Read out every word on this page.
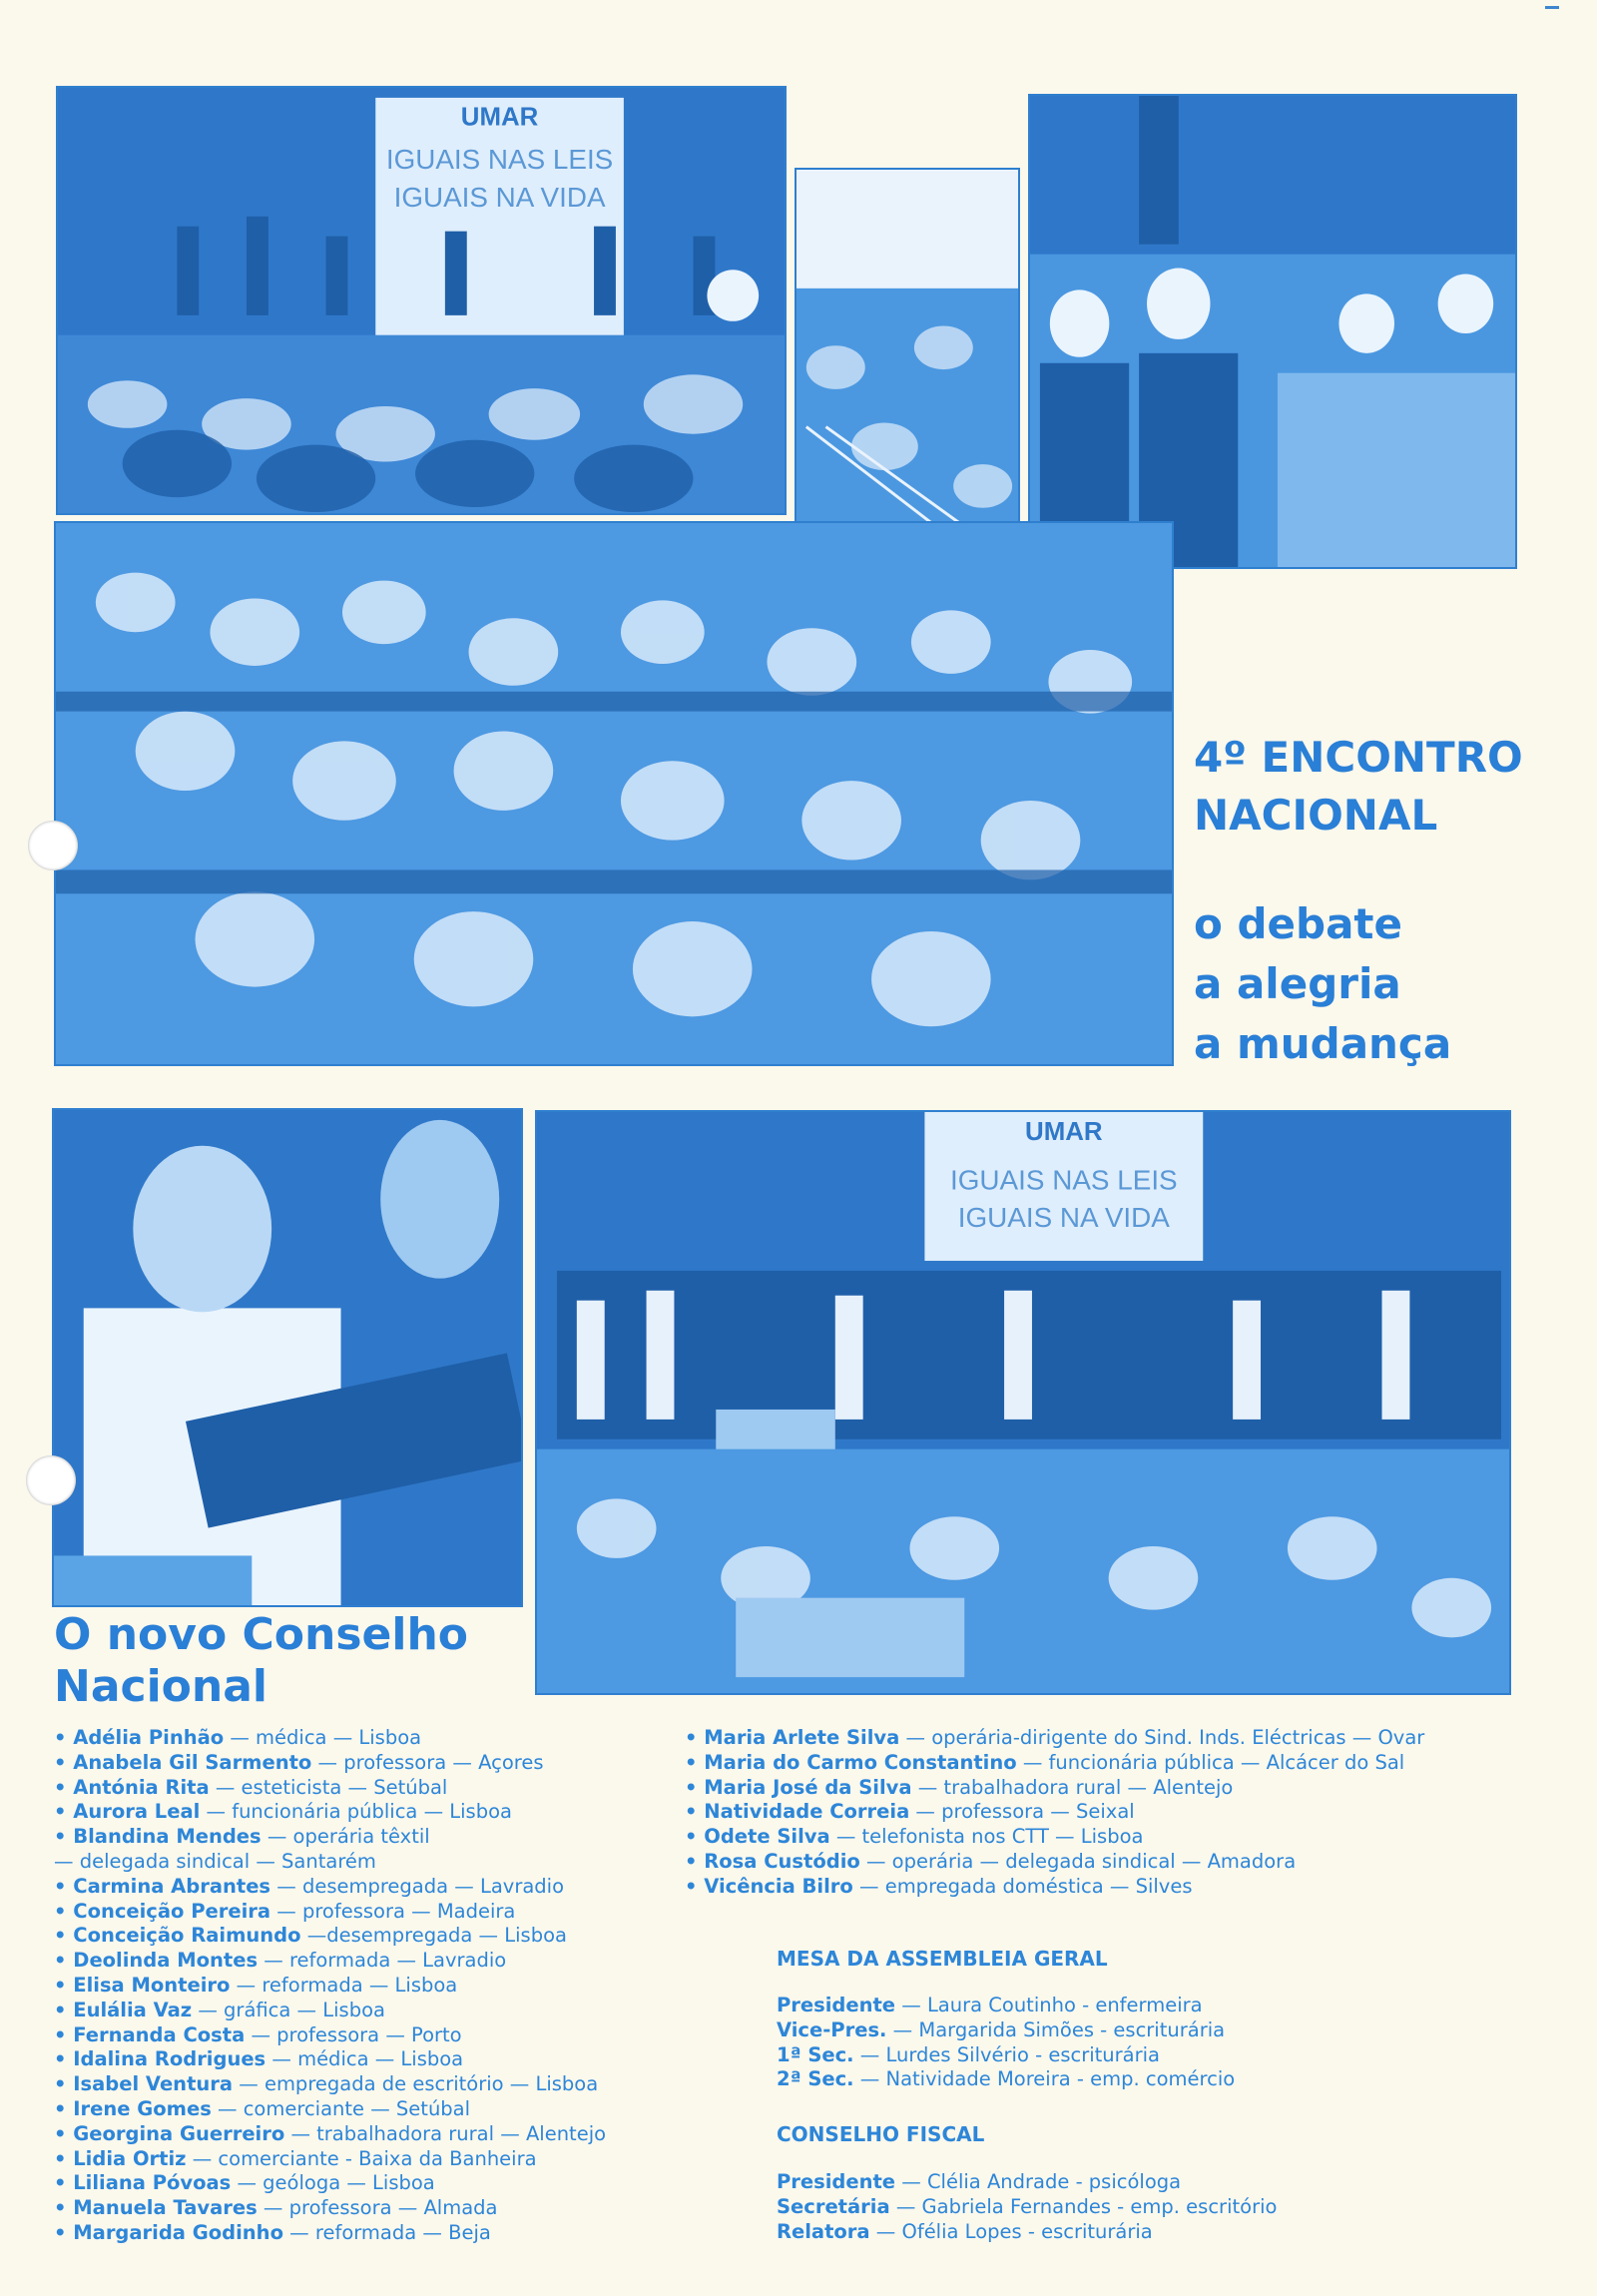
UMAR
IGUAIS NAS LEIS
IGUAIS NA VIDA
UMAR
IGUAIS NAS LEIS
IGUAIS NA VIDA
4º ENCONTRO
NACIONAL
o debate
a alegria
a mudança
O novo Conselho
Nacional
• Adélia Pinhão — médica — Lisboa
• Anabela Gil Sarmento — professora — Açores
• Antónia Rita — esteticista — Setúbal
• Aurora Leal — funcionária pública — Lisboa
• Blandina Mendes — operária têxtil
— delegada sindical — Santarém
• Carmina Abrantes — desempregada — Lavradio
• Conceição Pereira — professora — Madeira
• Conceição Raimundo —desempregada — Lisboa
• Deolinda Montes — reformada — Lavradio
• Elisa Monteiro — reformada — Lisboa
• Eulália Vaz — gráfica — Lisboa
• Fernanda Costa — professora — Porto
• Idalina Rodrigues — médica — Lisboa
• Isabel Ventura — empregada de escritório — Lisboa
• Irene Gomes — comerciante — Setúbal
• Georgina Guerreiro — trabalhadora rural — Alentejo
• Lidia Ortiz — comerciante - Baixa da Banheira
• Liliana Póvoas — geóloga — Lisboa
• Manuela Tavares — professora — Almada
• Margarida Godinho — reformada — Beja
• Maria Arlete Silva — operária-dirigente do Sind. Inds. Eléctricas — Ovar
• Maria do Carmo Constantino — funcionária pública — Alcácer do Sal
• Maria José da Silva — trabalhadora rural — Alentejo
• Natividade Correia — professora — Seixal
• Odete Silva — telefonista nos CTT — Lisboa
• Rosa Custódio — operária — delegada sindical — Amadora
• Vicência Bilro — empregada doméstica — Silves
MESA DA ASSEMBLEIA GERAL
Presidente — Laura Coutinho - enfermeira
Vice-Pres. — Margarida Simões - escriturária
1ª Sec. — Lurdes Silvério - escriturária
2ª Sec. — Natividade Moreira - emp. comércio
CONSELHO FISCAL
Presidente — Clélia Andrade - psicóloga
Secretária — Gabriela Fernandes - emp. escritório
Relatora — Ofélia Lopes - escriturária
